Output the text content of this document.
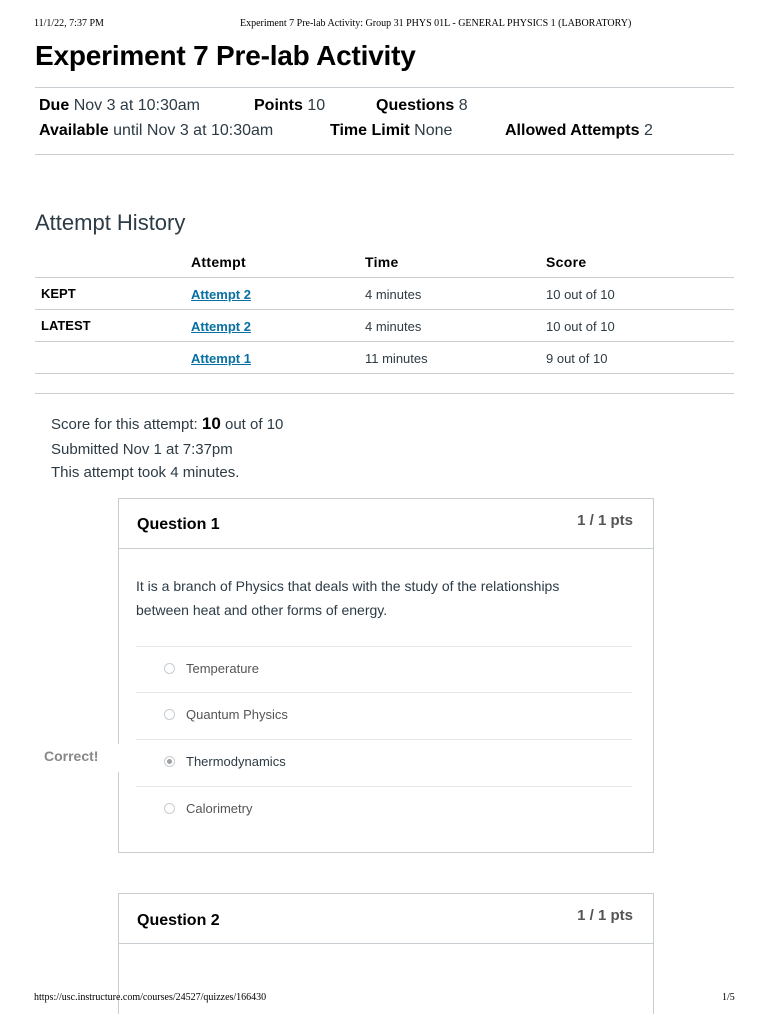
11/1/22, 7:37 PM	Experiment 7 Pre-lab Activity: Group 31 PHYS 01L - GENERAL PHYSICS 1 (LABORATORY)
Experiment 7 Pre-lab Activity
Due Nov 3 at 10:30am	Points 10	Questions 8
Available until Nov 3 at 10:30am	Time Limit None	Allowed Attempts 2
Attempt History
Attempt	Time	Score
KEPT	Attempt 2	4 minutes	10 out of 10
LATEST	Attempt 2	4 minutes	10 out of 10
Attempt 1	11 minutes	9 out of 10
Score for this attempt: 10 out of 10
Submitted Nov 1 at 7:37pm
This attempt took 4 minutes.
Question 1	1 / 1 pts

It is a branch of Physics that deals with the study of the relationships between heat and other forms of energy.

Temperature
Quantum Physics
Thermodynamics
Calorimetry
Correct!
Question 2	1 / 1 pts
https://usc.instructure.com/courses/24527/quizzes/166430	1/5
